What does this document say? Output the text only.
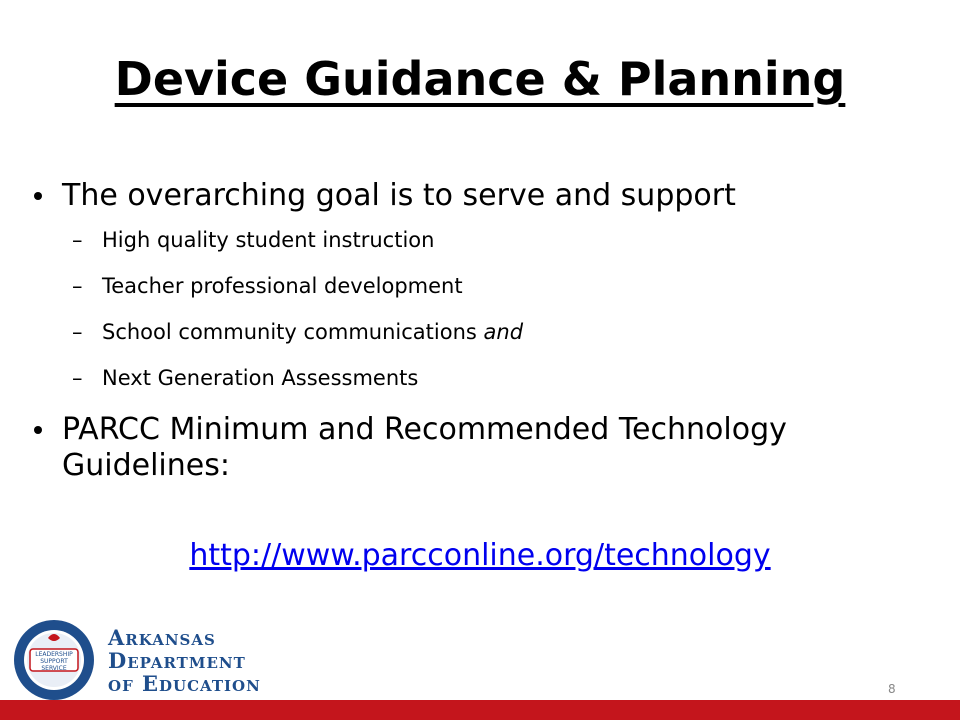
Device Guidance & Planning
The overarching goal is to serve and support
– High quality student instruction
– Teacher professional development
– School community communications and
– Next Generation Assessments
PARCC Minimum and Recommended Technology Guidelines:
http://www.parcconline.org/technology
LEADERSHIP
SUPPORT
SERVICE
Arkansas
Department
of Education	8
